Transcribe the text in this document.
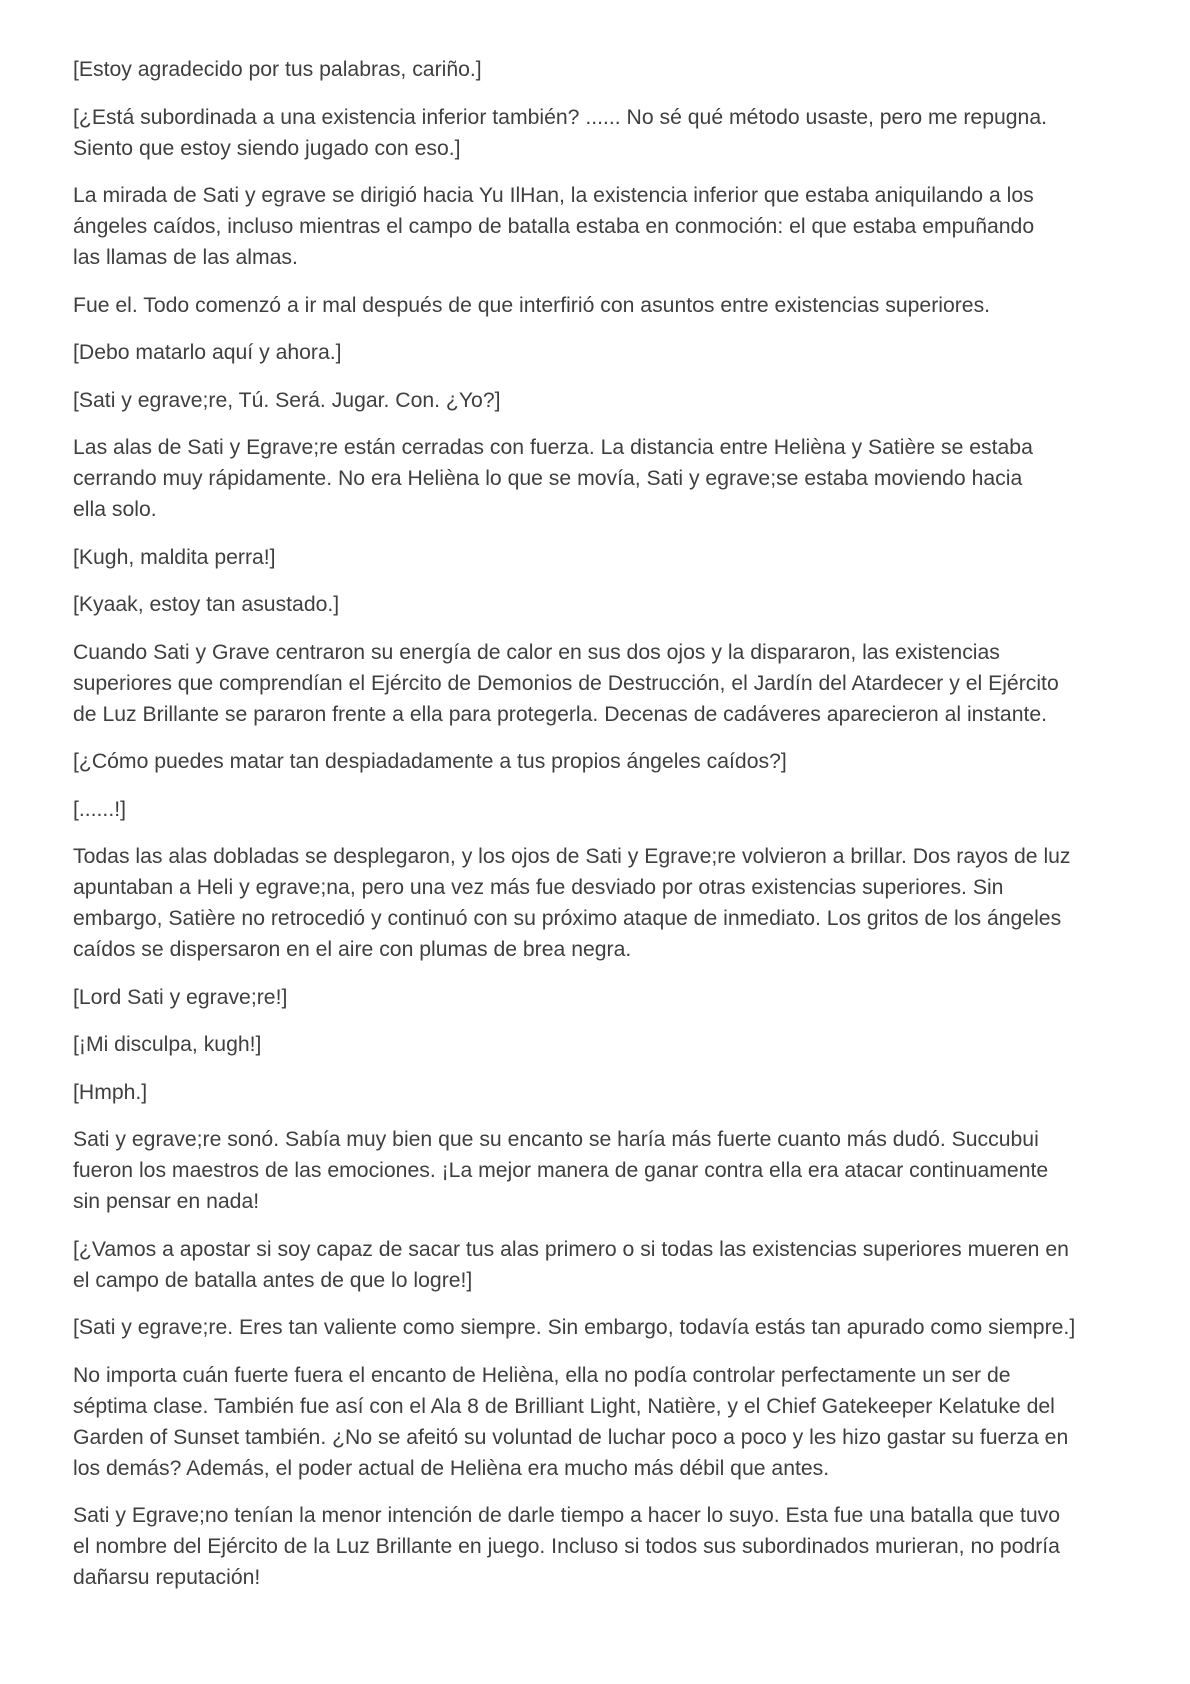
[Estoy agradecido por tus palabras, cariño.]

[¿Está subordinada a una existencia inferior también? ...... No sé qué método usaste, pero me repugna.
Siento que estoy siendo jugado con eso.]

La mirada de Sati y egrave se dirigió hacia Yu IlHan, la existencia inferior que estaba aniquilando a los
ángeles caídos, incluso mientras el campo de batalla estaba en conmoción: el que estaba empuñando
las llamas de las almas.

Fue el. Todo comenzó a ir mal después de que interfirió con asuntos entre existencias superiores.

[Debo matarlo aquí y ahora.]

[Sati y egrave;re, Tú. Será. Jugar. Con. ¿Yo?]

Las alas de Sati y Egrave;re están cerradas con fuerza. La distancia entre Helièna y Satière se estaba
cerrando muy rápidamente. No era Helièna lo que se movía, Sati y egrave;se estaba moviendo hacia
ella solo.

[Kugh, maldita perra!]

[Kyaak, estoy tan asustado.]

Cuando Sati y Grave centraron su energía de calor en sus dos ojos y la dispararon, las existencias
superiores que comprendían el Ejército de Demonios de Destrucción, el Jardín del Atardecer y el Ejército
de Luz Brillante se pararon frente a ella para protegerla. Decenas de cadáveres aparecieron al instante.

[¿Cómo puedes matar tan despiadadamente a tus propios ángeles caídos?]

[......!]

Todas las alas dobladas se desplegaron, y los ojos de Sati y Egrave;re volvieron a brillar. Dos rayos de luz
apuntaban a Heli y egrave;na, pero una vez más fue desviado por otras existencias superiores. Sin
embargo, Satière no retrocedió y continuó con su próximo ataque de inmediato. Los gritos de los ángeles
caídos se dispersaron en el aire con plumas de brea negra.

[Lord Sati y egrave;re!]

[¡Mi disculpa, kugh!]

[Hmph.]

Sati y egrave;re sonó. Sabía muy bien que su encanto se haría más fuerte cuanto más dudó. Succubui
fueron los maestros de las emociones. ¡La mejor manera de ganar contra ella era atacar continuamente
sin pensar en nada!

[¿Vamos a apostar si soy capaz de sacar tus alas primero o si todas las existencias superiores mueren en
el campo de batalla antes de que lo logre!]

[Sati y egrave;re. Eres tan valiente como siempre. Sin embargo, todavía estás tan apurado como siempre.]

No importa cuán fuerte fuera el encanto de Helièna, ella no podía controlar perfectamente un ser de
séptima clase. También fue así con el Ala 8 de Brilliant Light, Natière, y el Chief Gatekeeper Kelatuke del
Garden of Sunset también. ¿No se afeitó su voluntad de luchar poco a poco y les hizo gastar su fuerza en
los demás? Además, el poder actual de Helièna era mucho más débil que antes.

Sati y Egrave;no tenían la menor intención de darle tiempo a hacer lo suyo. Esta fue una batalla que tuvo
el nombre del Ejército de la Luz Brillante en juego. Incluso si todos sus subordinados murieran, no podría
dañarsu reputación!
